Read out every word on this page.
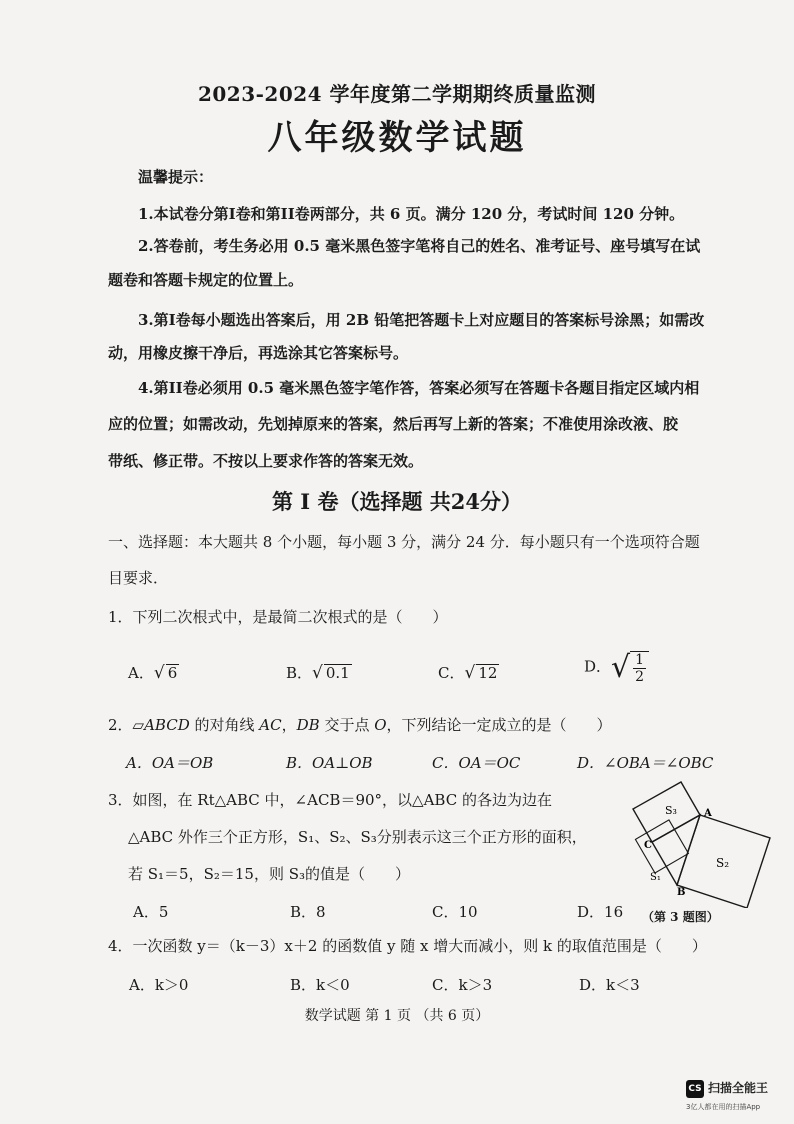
2023-2024 学年度第二学期期终质量监测
八年级数学试题
温馨提示：
1.本试卷分第I卷和第II卷两部分，共 6 页。满分 120 分，考试时间 120 分钟。
2.答卷前，考生务必用 0.5 毫米黑色签字笔将自己的姓名、准考证号、座号填写在试
题卷和答题卡规定的位置上。
3.第I卷每小题选出答案后，用 2B 铅笔把答题卡上对应题目的答案标号涂黑；如需改
动，用橡皮擦干净后，再选涂其它答案标号。
4.第II卷必须用 0.5 毫米黑色签字笔作答，答案必须写在答题卡各题目指定区域内相
应的位置；如需改动，先划掉原来的答案，然后再写上新的答案；不准使用涂改液、胶
带纸、修正带。不按以上要求作答的答案无效。
第 I 卷（选择题 共24分）
一、选择题：本大题共 8 个小题，每小题 3 分，满分 24 分．每小题只有一个选项符合题
目要求．
1．下列二次根式中，是最简二次根式的是（　　）
A．√ 6	B．√ 0.1	C．√ 12	D．√ $\frac{1}{2}$
2．▱ABCD 的对角线 AC，DB 交于点 O，下列结论一定成立的是（　　）
A．OA＝OB	B．OA⊥OB	C．OA＝OC	D．∠OBA＝∠OBC
3．如图，在 Rt△ABC 中，∠ACB＝90°，以△ABC 的各边为边在
△ABC 外作三个正方形，S₁、S₂、S₃分别表示这三个正方形的面积，
若 S₁＝5，S₂＝15，则 S₃的值是（　　）
A．5	B．8	C．10	D．16
S₃
S₂
S₁
A
B
C
（第 3 题图）
4．一次函数 y＝（k－3）x＋2 的函数值 y 随 x 增大而减小，则 k 的取值范围是（　　）
A．k＞0	B．k＜0	C．k＞3	D．k＜3
数学试题 第 1 页 （共 6 页）
CS 扫描全能王
3亿人都在用的扫描App
